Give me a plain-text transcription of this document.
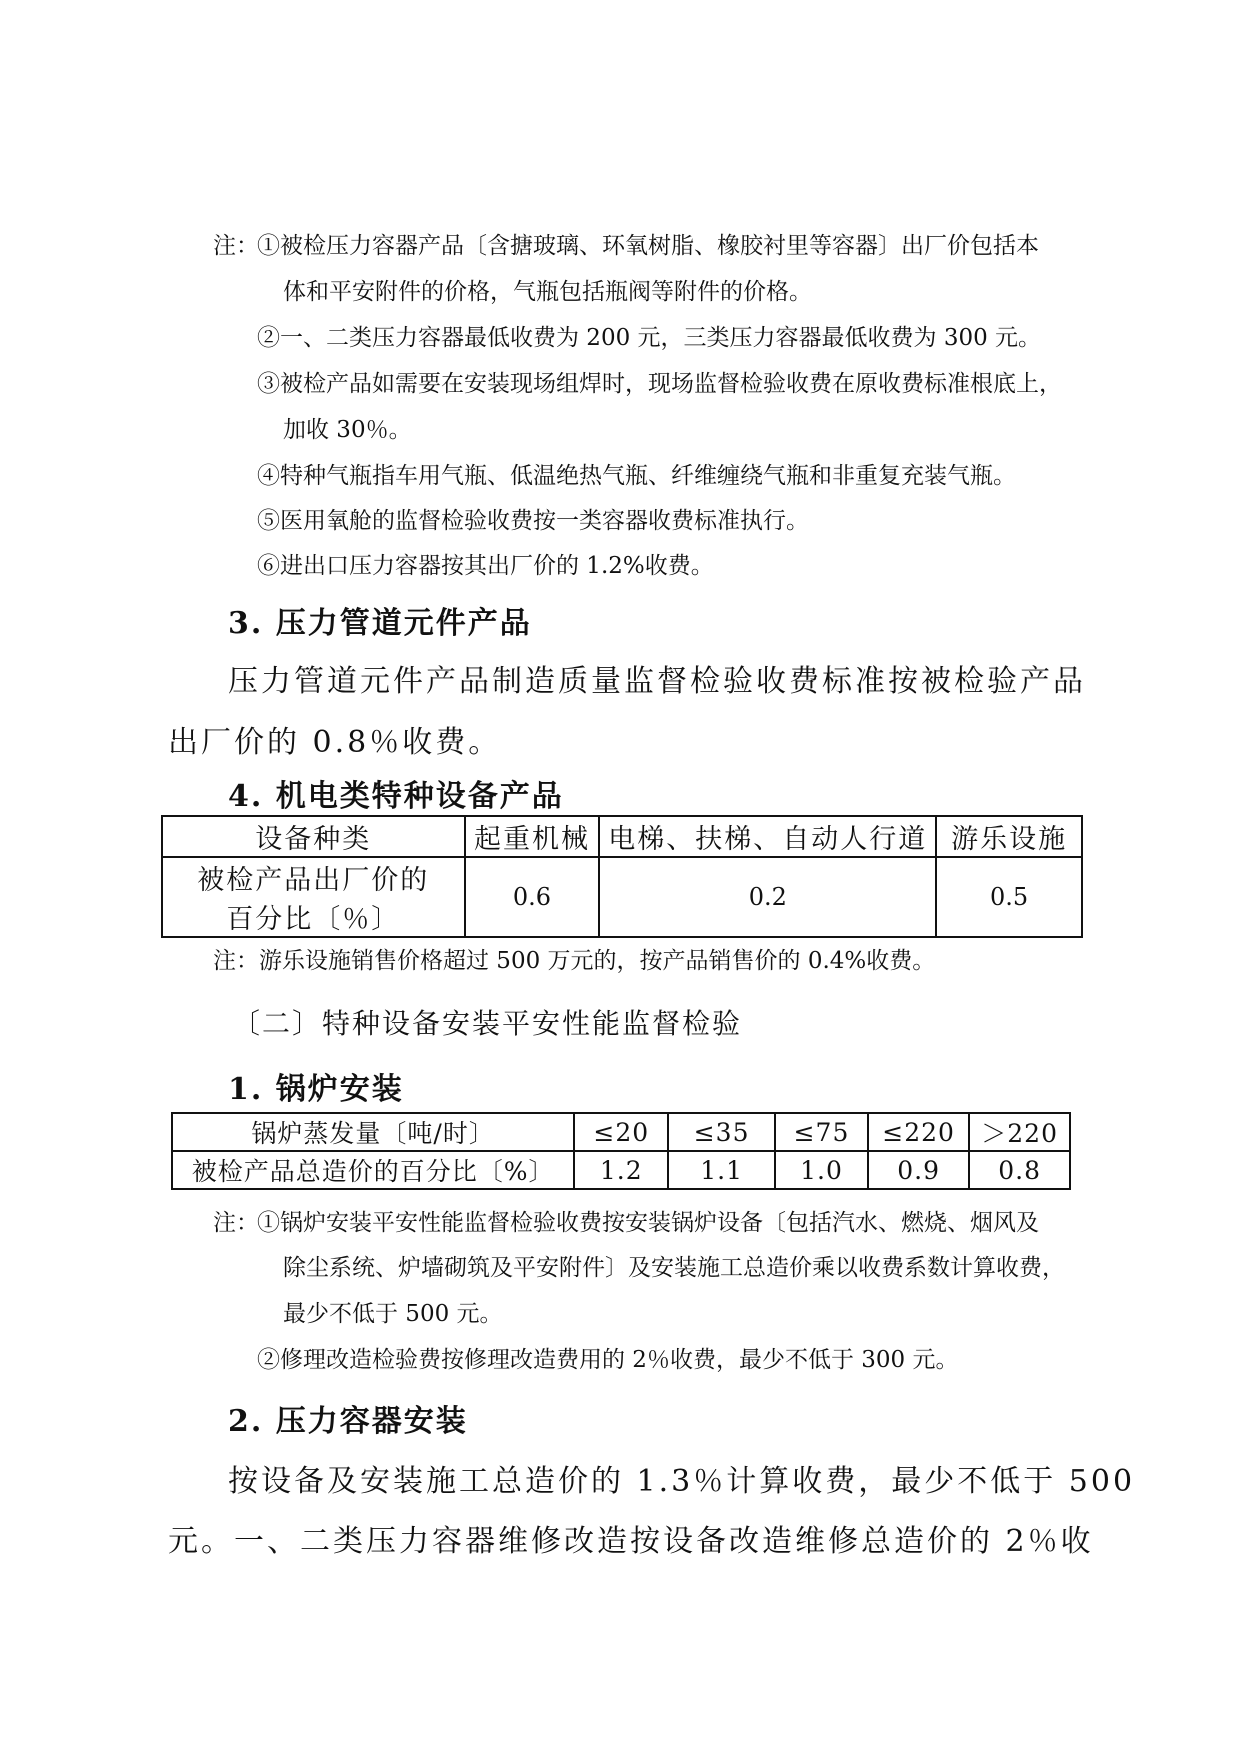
注：
①被检压力容器产品〔含搪玻璃、环氧树脂、橡胶衬里等容器〕出厂价包括本
体和平安附件的价格，气瓶包括瓶阀等附件的价格。
②一、二类压力容器最低收费为 200 元，三类压力容器最低收费为 300 元。
③被检产品如需要在安装现场组焊时，现场监督检验收费在原收费标准根底上，
加收 30％。
④特种气瓶指车用气瓶、低温绝热气瓶、纤维缠绕气瓶和非重复充装气瓶。
⑤医用氧舱的监督检验收费按一类容器收费标准执行。
⑥进出口压力容器按其出厂价的 1.2%收费。
3. 压力管道元件产品
压力管道元件产品制造质量监督检验收费标准按被检验产品
出厂价的 0.8％收费。
4. 机电类特种设备产品
设备种类	起重机械	电梯、扶梯、自动人行道	游乐设施

被检产品出厂价的
百分比〔％〕	0.6	0.2	0.5
注：游乐设施销售价格超过 500 万元的，按产品销售价的 0.4%收费。
〔二〕特种设备安装平安性能监督检验
1. 锅炉安装
锅炉蒸发量〔吨/时〕	≤20	≤35	≤75	≤220	＞220
被检产品总造价的百分比〔%〕	1.2	1.1	1.0	0.9	0.8
注：
①锅炉安装平安性能监督检验收费按安装锅炉设备〔包括汽水、燃烧、烟风及
除尘系统、炉墙砌筑及平安附件〕及安装施工总造价乘以收费系数计算收费，
最少不低于 500 元。
②修理改造检验费按修理改造费用的 2％收费，最少不低于 300 元。
2. 压力容器安装
按设备及安装施工总造价的 1.3％计算收费，最少不低于 500
元。一、二类压力容器维修改造按设备改造维修总造价的 2％收
